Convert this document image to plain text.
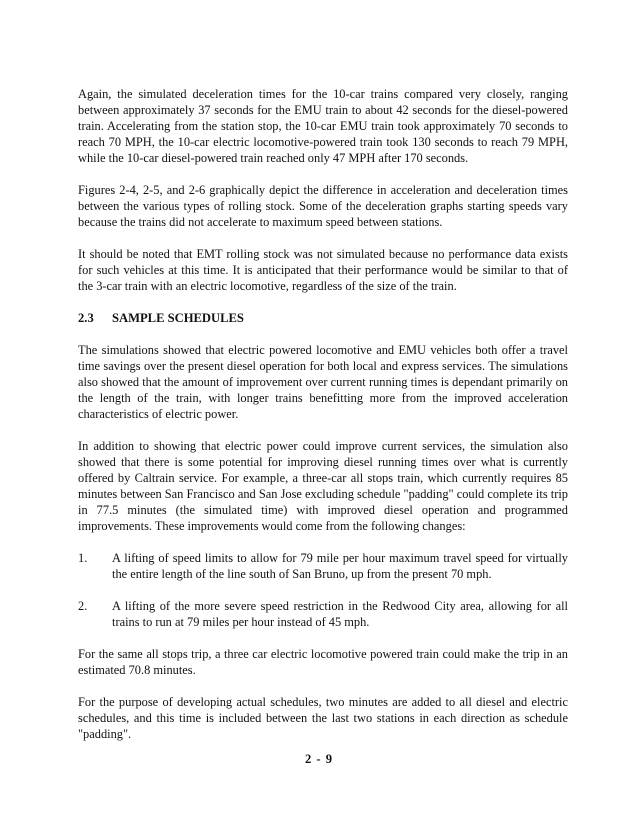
Again, the simulated deceleration times for the 10-car trains compared very closely, ranging between approximately 37 seconds for the EMU train to about 42 seconds for the diesel-powered train. Accelerating from the station stop, the 10-car EMU train took approximately 70 seconds to reach 70 MPH, the 10-car electric locomotive-powered train took 130 seconds to reach 79 MPH, while the 10-car diesel-powered train reached only 47 MPH after 170 seconds.

Figures 2-4, 2-5, and 2-6 graphically depict the difference in acceleration and deceleration times between the various types of rolling stock. Some of the deceleration graphs starting speeds vary because the trains did not accelerate to maximum speed between stations.

It should be noted that EMT rolling stock was not simulated because no performance data exists for such vehicles at this time. It is anticipated that their performance would be similar to that of the 3-car train with an electric locomotive, regardless of the size of the train.

2.3 SAMPLE SCHEDULES

The simulations showed that electric powered locomotive and EMU vehicles both offer a travel time savings over the present diesel operation for both local and express services. The simulations also showed that the amount of improvement over current running times is dependant primarily on the length of the train, with longer trains benefitting more from the improved acceleration characteristics of electric power.

In addition to showing that electric power could improve current services, the simulation also showed that there is some potential for improving diesel running times over what is currently offered by Caltrain service. For example, a three-car all stops train, which currently requires 85 minutes between San Francisco and San Jose excluding schedule "padding" could complete its trip in 77.5 minutes (the simulated time) with improved diesel operation and programmed improvements. These improvements would come from the following changes:

1.	A lifting of speed limits to allow for 79 mile per hour maximum travel speed for virtually the entire length of the line south of San Bruno, up from the present 70 mph.
2.	A lifting of the more severe speed restriction in the Redwood City area, allowing for all trains to run at 79 miles per hour instead of 45 mph.

For the same all stops trip, a three car electric locomotive powered train could make the trip in an estimated 70.8 minutes.

For the purpose of developing actual schedules, two minutes are added to all diesel and electric schedules, and this time is included between the last two stations in each direction as schedule "padding".

2 - 9
